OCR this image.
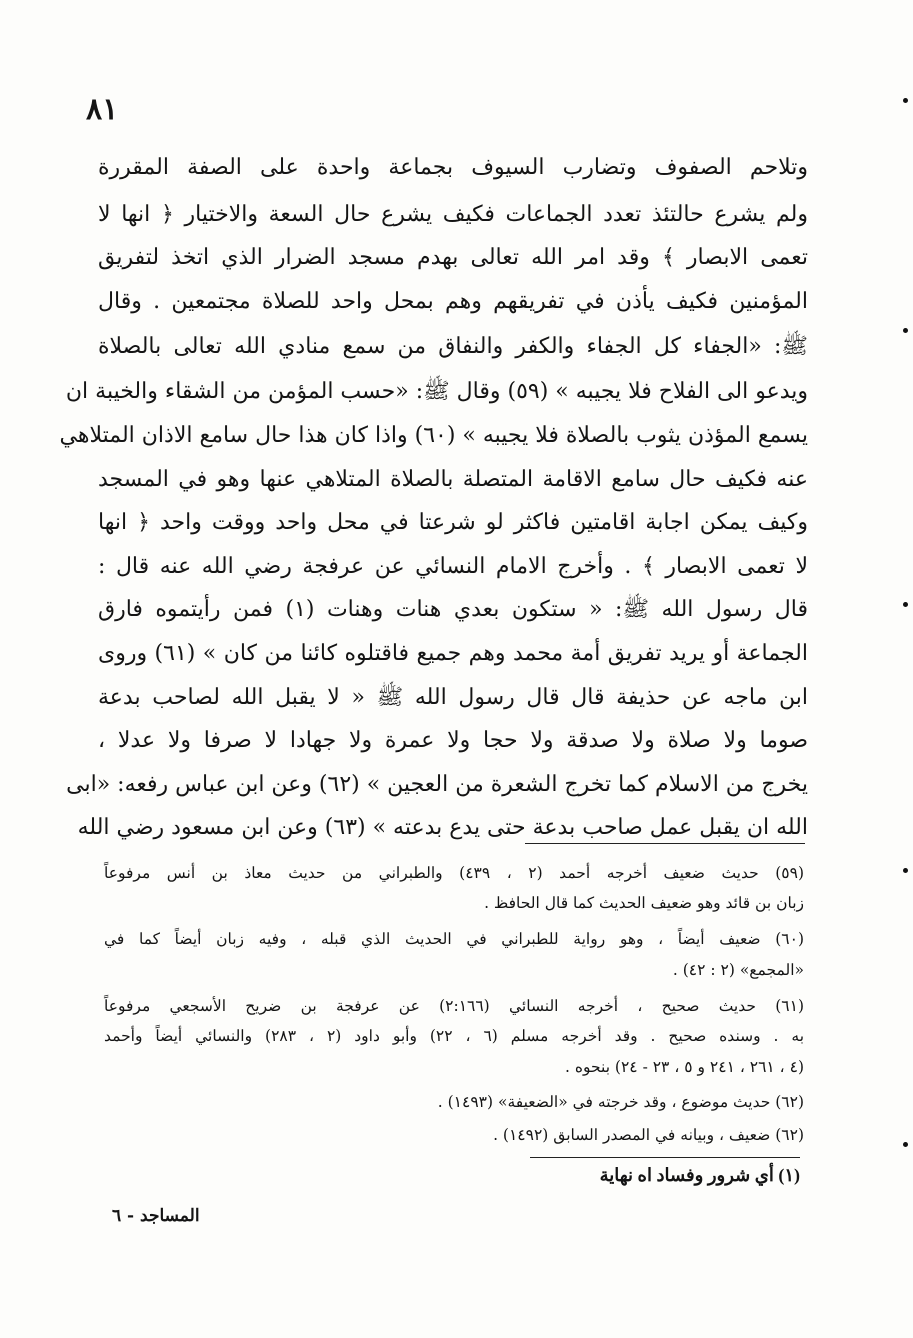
٨١
وتلاحم الصفوف وتضارب السيوف بجماعة واحدة على الصفة المقررة
ولم يشرع حالتئذ تعدد الجماعات فكيف يشرع حال السعة والاختيار ﴿ انها لا
تعمى الابصار ﴾ وقد امر الله تعالى بهدم مسجد الضرار الذي اتخذ لتفريق
المؤمنين فكيف يأذن في تفريقهم وهم بمحل واحد للصلاة مجتمعين . وقال
ﷺ: «الجفاء كل الجفاء والكفر والنفاق من سمع منادي الله تعالى بالصلاة
ويدعو الى الفلاح فلا يجيبه » (٥٩) وقال ﷺ: «حسب المؤمن من الشقاء والخيبة ان
يسمع المؤذن يثوب بالصلاة فلا يجيبه » (٦٠) واذا كان هذا حال سامع الاذان المتلاهي
عنه فكيف حال سامع الاقامة المتصلة بالصلاة المتلاهي عنها وهو في المسجد
وكيف يمكن اجابة اقامتين فاكثر لو شرعتا في محل واحد ووقت واحد ﴿ انها
لا تعمى الابصار ﴾ . وأخرج الامام النسائي عن عرفجة رضي الله عنه قال :
قال رسول الله ﷺ: « ستكون بعدي هنات وهنات (١) فمن رأيتموه فارق
الجماعة أو يريد تفريق أمة محمد وهم جميع فاقتلوه كائنا من كان » (٦١) وروى
ابن ماجه عن حذيفة قال قال رسول الله ﷺ « لا يقبل الله لصاحب بدعة
صوما ولا صلاة ولا صدقة ولا حجا ولا عمرة ولا جهادا لا صرفا ولا عدلا ،
يخرج من الاسلام كما تخرج الشعرة من العجين » (٦٢) وعن ابن عباس رفعه: «ابى
الله ان يقبل عمل صاحب بدعة حتى يدع بدعته » (٦٣) وعن ابن مسعود رضي الله
(٥٩) حديث ضعيف أخرجه أحمد (٢ ، ٤٣٩) والطبراني من حديث معاذ بن أنس مرفوعاً
زبان بن قائد وهو ضعيف الحديث كما قال الحافظ .
(٦٠) ضعيف أيضاً ، وهو رواية للطبراني في الحديث الذي قبله ، وفيه زبان أيضاً كما في
«المجمع» (٢ : ٤٢) .
(٦١) حديث صحيح ، أخرجه النسائي (٢:١٦٦) عن عرفجة بن ضريح الأسجعي مرفوعاً
به . وسنده صحيح . وقد أخرجه مسلم (٦ ، ٢٢) وأبو داود (٢ ، ٢٨٣) والنسائي أيضاً وأحمد
(٤ ، ٢٦١ ، ٢٤١ و ٥ ، ٢٣ - ٢٤) بنحوه .
(٦٢) حديث موضوع ، وقد خرجته في «الضعيفة» (١٤٩٣) .
(٦٢) ضعيف ، وبيانه في المصدر السابق (١٤٩٢) .
(١) أي شرور وفساد اه نهاية
المساجد - ٦
